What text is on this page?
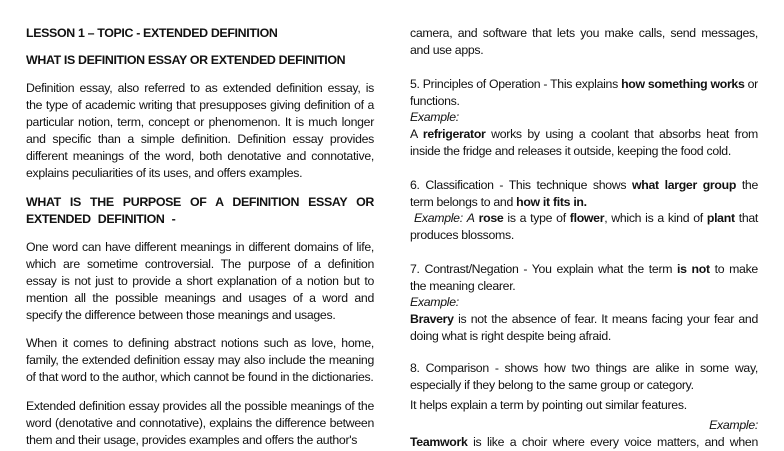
LESSON 1 – TOPIC - EXTENDED DEFINITION
WHAT IS DEFINITION ESSAY OR EXTENDED DEFINITION
Definition essay, also referred to as extended definition essay, is the type of academic writing that presupposes giving definition of a particular notion, term, concept or phenomenon. It is much longer and specific than a simple definition. Definition essay provides different meanings of the word, both denotative and connotative, explains peculiarities of its uses, and offers examples.
WHAT IS THE PURPOSE OF A DEFINITION ESSAY OR EXTENDED DEFINITION -
One word can have different meanings in different domains of life, which are sometime controversial. The purpose of a definition essay is not just to provide a short explanation of a notion but to mention all the possible meanings and usages of a word and specify the difference between those meanings and usages.
When it comes to defining abstract notions such as love, home, family, the extended definition essay may also include the meaning of that word to the author, which cannot be found in the dictionaries.
Extended definition essay provides all the possible meanings of the word (denotative and connotative), explains the difference between them and their usage, provides examples and offers the author's
camera, and software that lets you make calls, send messages, and use apps.
5. Principles of Operation - This explains how something works or functions.
Example:
A refrigerator works by using a coolant that absorbs heat from inside the fridge and releases it outside, keeping the food cold.
6. Classification - This technique shows what larger group the term belongs to and how it fits in.
Example: A rose is a type of flower, which is a kind of plant that produces blossoms.
7. Contrast/Negation - You explain what the term is not to make the meaning clearer.
Example:
Bravery is not the absence of fear. It means facing your fear and doing what is right despite being afraid.
8. Comparison - shows how two things are alike in some way, especially if they belong to the same group or category.
It helps explain a term by pointing out similar features.
Example:
Teamwork is like a choir where every voice matters, and when
